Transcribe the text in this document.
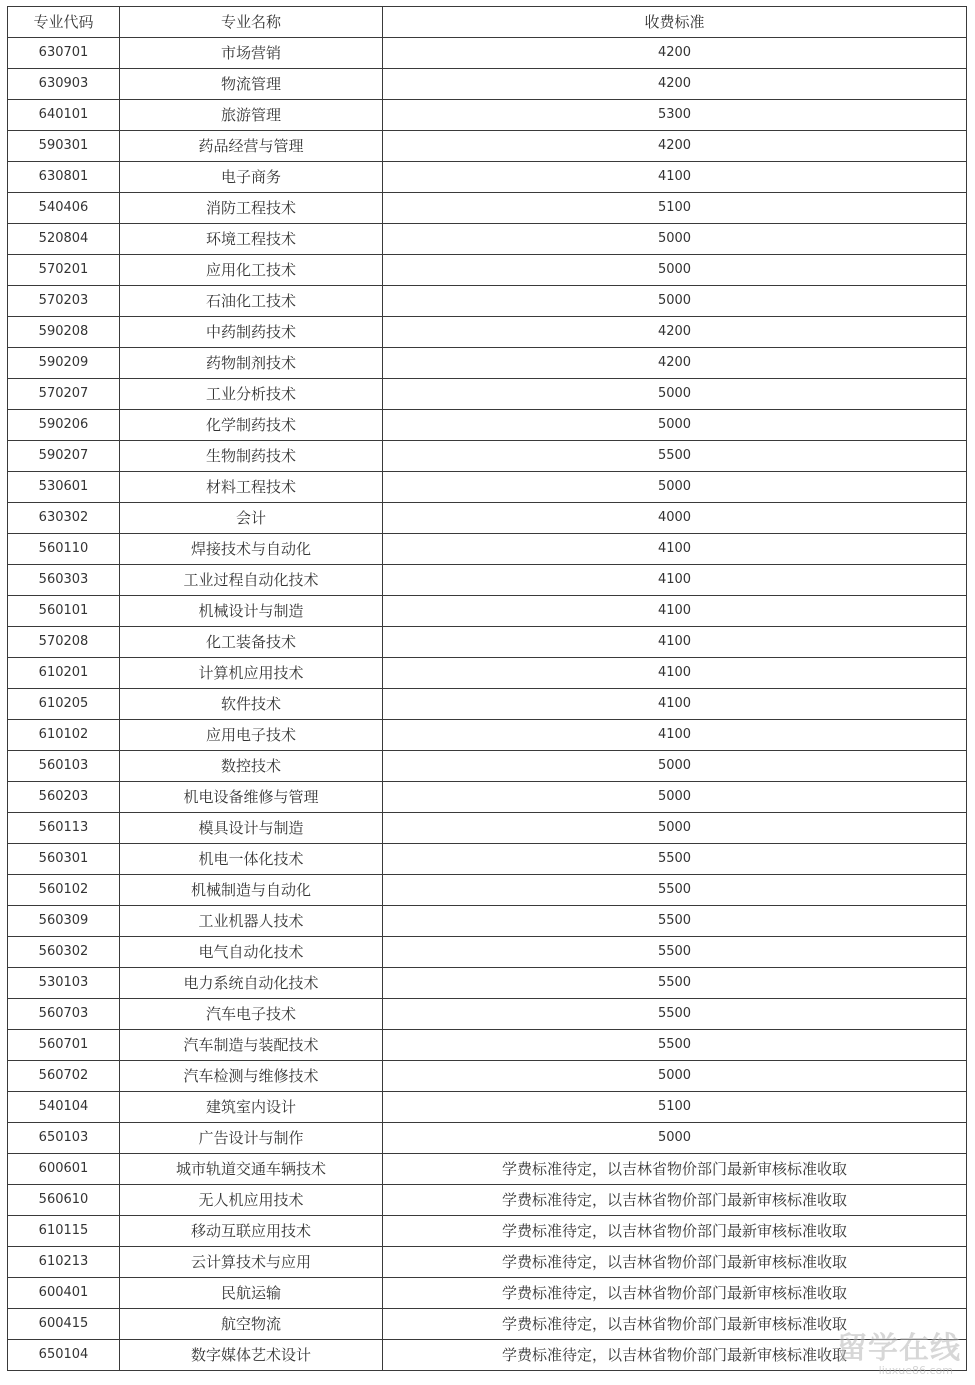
专业代码	专业名称	收费标准
630701	市场营销	4200
630903	物流管理	4200
640101	旅游管理	5300
590301	药品经营与管理	4200
630801	电子商务	4100
540406	消防工程技术	5100
520804	环境工程技术	5000
570201	应用化工技术	5000
570203	石油化工技术	5000
590208	中药制药技术	4200
590209	药物制剂技术	4200
570207	工业分析技术	5000
590206	化学制药技术	5000
590207	生物制药技术	5500
530601	材料工程技术	5000
630302	会计	4000
560110	焊接技术与自动化	4100
560303	工业过程自动化技术	4100
560101	机械设计与制造	4100
570208	化工装备技术	4100
610201	计算机应用技术	4100
610205	软件技术	4100
610102	应用电子技术	4100
560103	数控技术	5000
560203	机电设备维修与管理	5000
560113	模具设计与制造	5000
560301	机电一体化技术	5500
560102	机械制造与自动化	5500
560309	工业机器人技术	5500
560302	电气自动化技术	5500
530103	电力系统自动化技术	5500
560703	汽车电子技术	5500
560701	汽车制造与装配技术	5500
560702	汽车检测与维修技术	5000
540104	建筑室内设计	5100
650103	广告设计与制作	5000
600601	城市轨道交通车辆技术	学费标准待定，以吉林省物价部门最新审核标准收取
560610	无人机应用技术	学费标准待定，以吉林省物价部门最新审核标准收取
610115	移动互联应用技术	学费标准待定，以吉林省物价部门最新审核标准收取
610213	云计算技术与应用	学费标准待定，以吉林省物价部门最新审核标准收取
600401	民航运输	学费标准待定，以吉林省物价部门最新审核标准收取
600415	航空物流	学费标准待定，以吉林省物价部门最新审核标准收取
650104	数字媒体艺术设计	学费标准待定，以吉林省物价部门最新审核标准收取
留学在线
liuxue86.com
